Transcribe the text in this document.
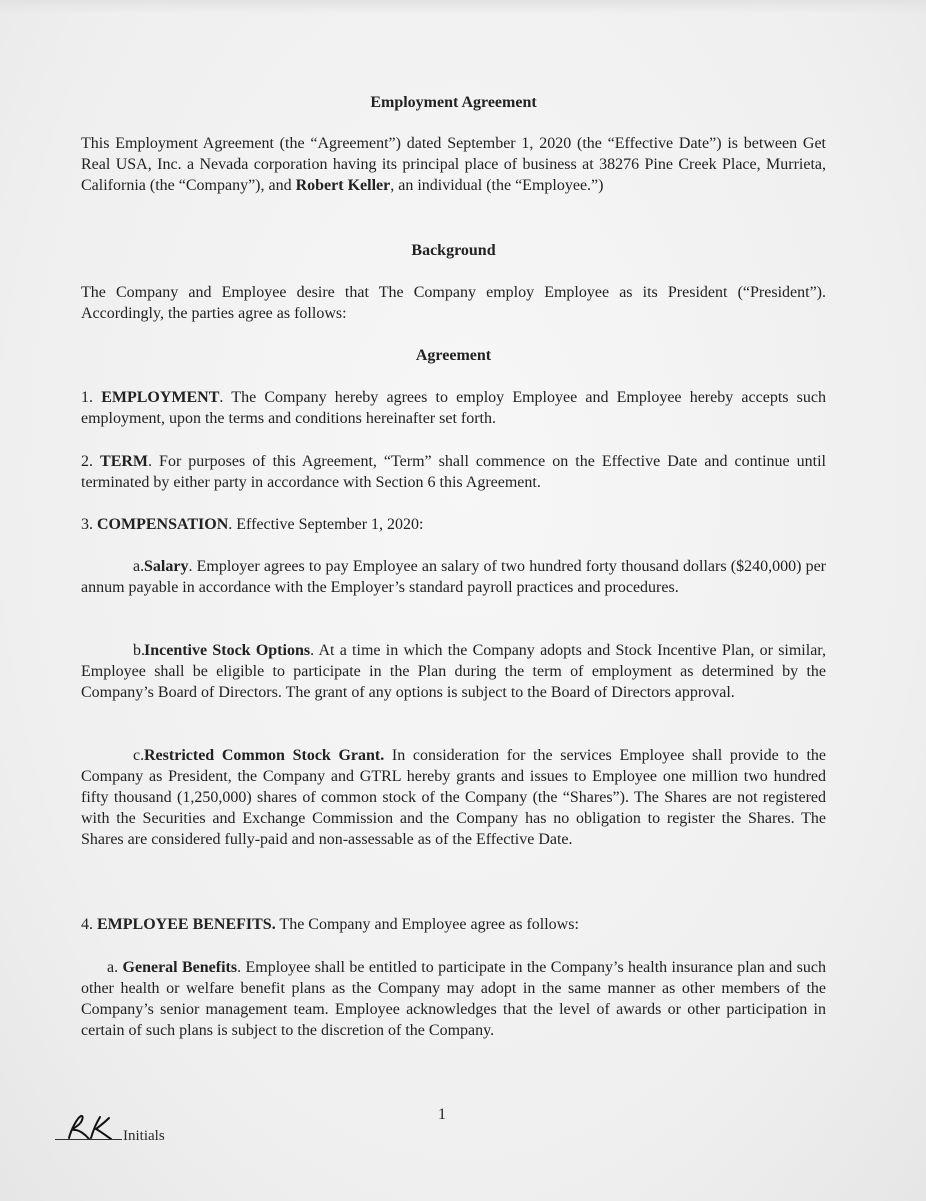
Employment Agreement

This Employment Agreement (the “Agreement”) dated September 1, 2020 (the “Effective Date”) is between Get Real USA, Inc. a Nevada corporation having its principal place of business at 38276 Pine Creek Place, Murrieta, California (the “Company”), and Robert Keller, an individual (the “Employee.”)

Background

The Company and Employee desire that The Company employ Employee as its President (“President”). Accordingly, the parties agree as follows:

Agreement

1. EMPLOYMENT. The Company hereby agrees to employ Employee and Employee hereby accepts such employment, upon the terms and conditions hereinafter set forth.

2. TERM. For purposes of this Agreement, “Term” shall commence on the Effective Date and continue until terminated by either party in accordance with Section 6 this Agreement.

3. COMPENSATION. Effective September 1, 2020:

a.Salary. Employer agrees to pay Employee an salary of two hundred forty thousand dollars ($240,000) per annum payable in accordance with the Employer’s standard payroll practices and procedures.

b.Incentive Stock Options. At a time in which the Company adopts and Stock Incentive Plan, or similar, Employee shall be eligible to participate in the Plan during the term of employment as determined by the Company’s Board of Directors. The grant of any options is subject to the Board of Directors approval.

c.Restricted Common Stock Grant. In consideration for the services Employee shall provide to the Company as President, the Company and GTRL hereby grants and issues to Employee one million two hundred fifty thousand (1,250,000) shares of common stock of the Company (the “Shares”). The Shares are not registered with the Securities and Exchange Commission and the Company has no obligation to register the Shares. The Shares are considered fully-paid and non-assessable as of the Effective Date.

4. EMPLOYEE BENEFITS. The Company and Employee agree as follows:

a. General Benefits. Employee shall be entitled to participate in the Company’s health insurance plan and such other health or welfare benefit plans as the Company may adopt in the same manner as other members of the Company’s senior management team. Employee acknowledges that the level of awards or other participation in certain of such plans is subject to the discretion of the Company.

Initials
1
